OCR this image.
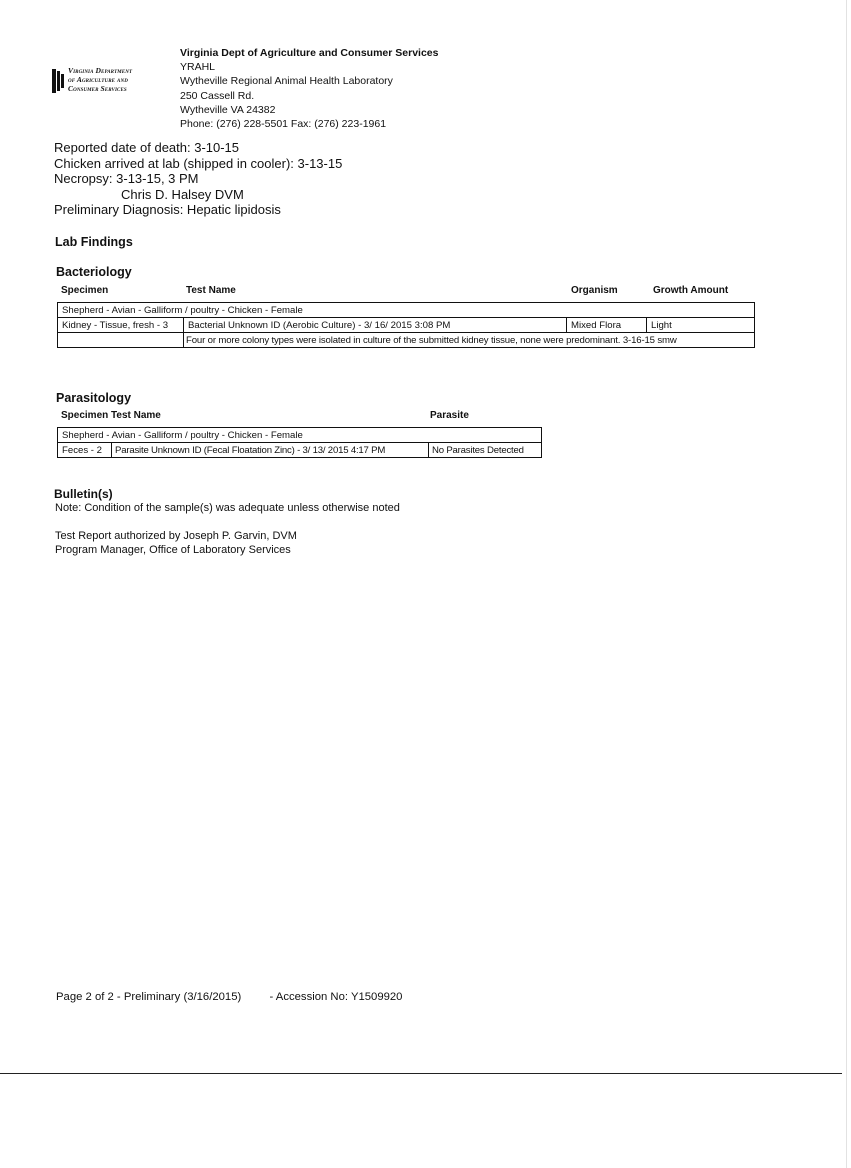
Virginia Department
of Agriculture and
Consumer Services
Virginia Dept of Agriculture and Consumer Services
YRAHL
Wytheville Regional Animal Health Laboratory
250 Cassell Rd.
Wytheville VA 24382
Phone: (276) 228-5501 Fax: (276) 223-1961
Reported date of death: 3-10-15
Chicken arrived at lab (shipped in cooler): 3-13-15
Necropsy: 3-13-15, 3 PM
Chris D. Halsey DVM
Preliminary Diagnosis: Hepatic lipidosis
Lab Findings
Bacteriology
Specimen	Test Name	Organism	Growth Amount
Shepherd - Avian - Galliform / poultry - Chicken - Female			
Kidney - Tissue, fresh - 3	Bacterial Unknown ID (Aerobic Culture) - 3/ 16/ 2015 3:08 PM	Mixed Flora	Light
	Four or more colony types were isolated in culture of the submitted kidney tissue, none were predominant. 3-16-15 smw		
Parasitology
Specimen Test Name	Parasite
Shepherd - Avian - Galliform / poultry - Chicken - Female
Feces - 2	Parasite Unknown ID (Fecal Floatation Zinc) - 3/ 13/ 2015 4:17 PM	No Parasites Detected
Bulletin(s)
Note: Condition of the sample(s) was adequate unless otherwise noted
Test Report authorized by Joseph P. Garvin, DVM
Program Manager, Office of Laboratory Services
Page 2 of 2 - Preliminary (3/16/2015)	- Accession No: Y1509920
